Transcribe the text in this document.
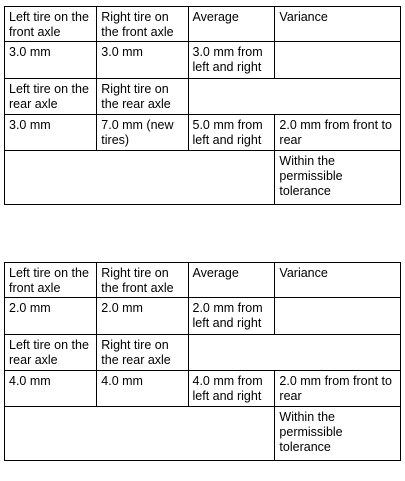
Left tire on the front axle	Right tire on the front axle	Average	Variance
3.0 mm	3.0 mm	3.0 mm from left and right	
Left tire on the rear axle	Right tire on the rear axle		
3.0 mm	7.0 mm (new tires)	5.0 mm from left and right	2.0 mm from front to rear
			Within the permissible tolerance
Left tire on the front axle	Right tire on the front axle	Average	Variance
2.0 mm	2.0 mm	2.0 mm from left and right	
Left tire on the rear axle	Right tire on the rear axle		
4.0 mm	4.0 mm	4.0 mm from left and right	2.0 mm from front to rear
			Within the permissible tolerance
